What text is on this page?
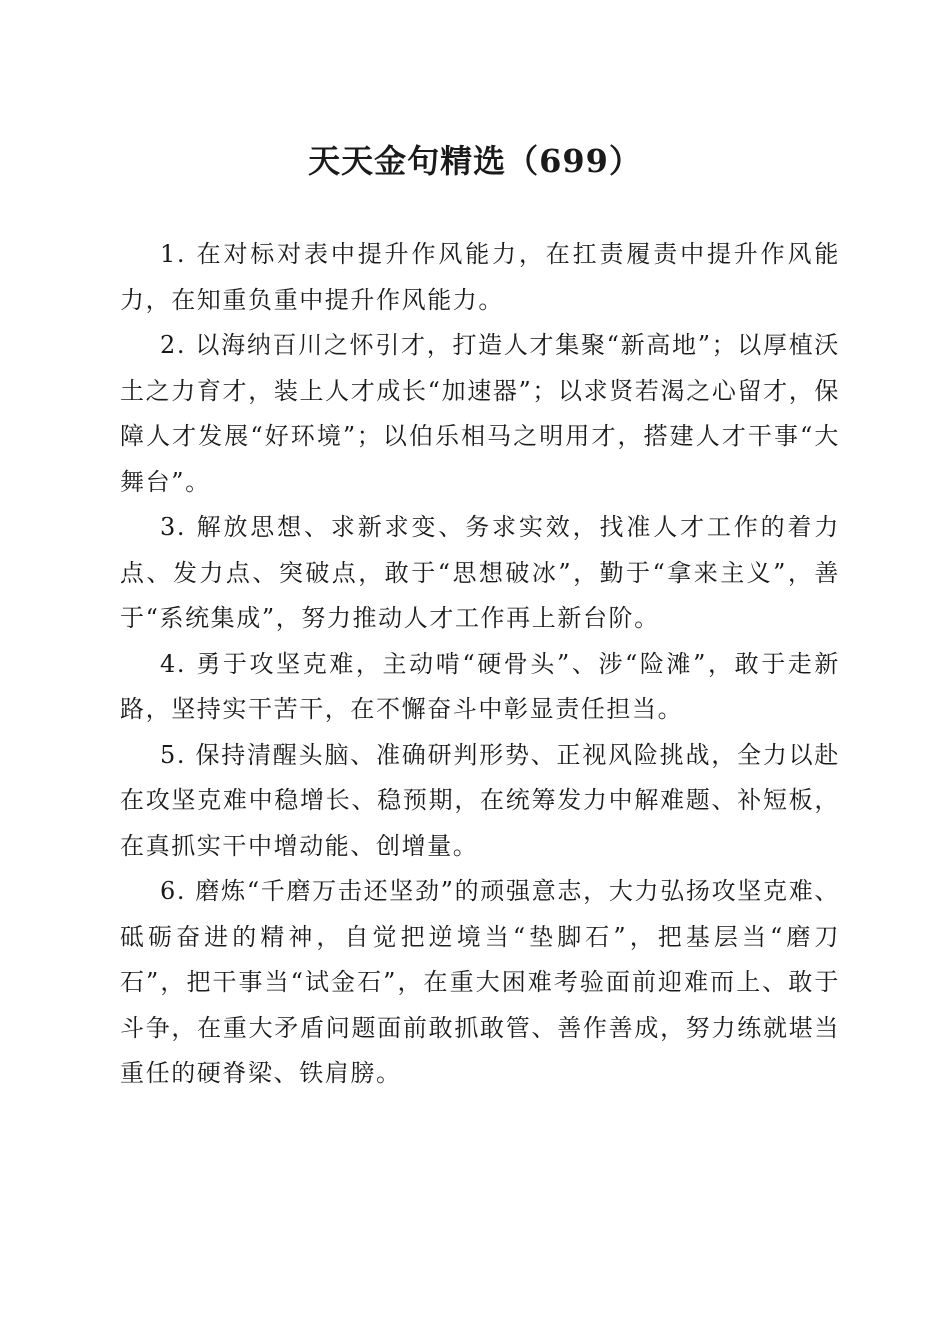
天天金句精选（699）

1. 在对标对表中提升作风能力，在扛责履责中提升作风能力，在知重负重中提升作风能力。

2. 以海纳百川之怀引才，打造人才集聚“新高地”；以厚植沃土之力育才，装上人才成长“加速器”；以求贤若渴之心留才，保障人才发展“好环境”；以伯乐相马之明用才，搭建人才干事“大舞台”。

3. 解放思想、求新求变、务求实效，找准人才工作的着力点、发力点、突破点，敢于“思想破冰”，勤于“拿来主义”，善于“系统集成”，努力推动人才工作再上新台阶。

4. 勇于攻坚克难，主动啃“硬骨头”、涉“险滩”，敢于走新路，坚持实干苦干，在不懈奋斗中彰显责任担当。

5. 保持清醒头脑、准确研判形势、正视风险挑战，全力以赴在攻坚克难中稳增长、稳预期，在统筹发力中解难题、补短板，在真抓实干中增动能、创增量。

6. 磨炼“千磨万击还坚劲”的顽强意志，大力弘扬攻坚克难、砥砺奋进的精神，自觉把逆境当“垫脚石”，把基层当“磨刀石”，把干事当“试金石”，在重大困难考验面前迎难而上、敢于斗争，在重大矛盾问题面前敢抓敢管、善作善成，努力练就堪当重任的硬脊梁、铁肩膀。
